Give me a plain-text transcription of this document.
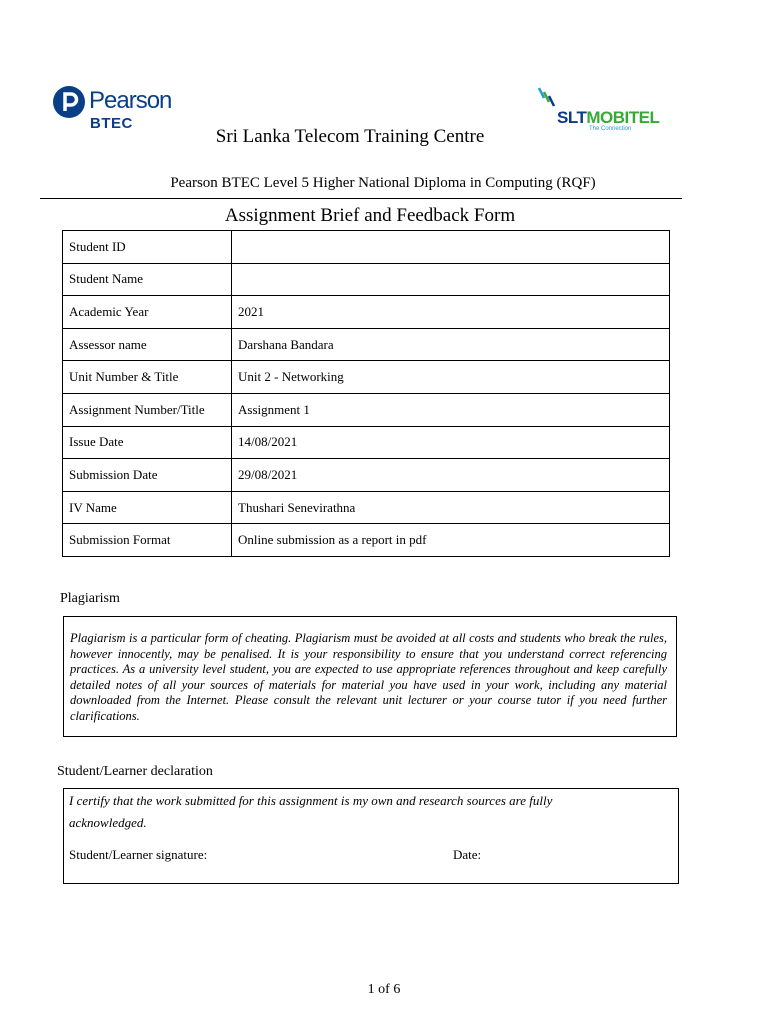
Pearson
BTEC	SLTMOBITEL
The Connection
Sri Lanka Telecom Training Centre
Pearson BTEC Level 5 Higher National Diploma in Computing (RQF)
Assignment Brief and Feedback Form
Student ID	
Student Name	
Academic Year	2021
Assessor name	Darshana Bandara
Unit Number & Title	Unit 2 - Networking
Assignment Number/Title	Assignment 1
Issue Date	14/08/2021
Submission Date	29/08/2021
IV Name	Thushari Senevirathna
Submission Format	Online submission as a report in pdf
Plagiarism

Plagiarism is a particular form of cheating. Plagiarism must be avoided at all costs and students who break the rules, however innocently, may be penalised. It is your responsibility to ensure that you understand correct referencing practices. As a university level student, you are expected to use appropriate references throughout and keep carefully detailed notes of all your sources of materials for material you have used in your work, including any material downloaded from the Internet. Please consult the relevant unit lecturer or your course tutor if you need further clarifications.

Student/Learner declaration

I certify that the work submitted for this assignment is my own and research sources are fully acknowledged.

Student/Learner signature:	Date:
1 of 6
